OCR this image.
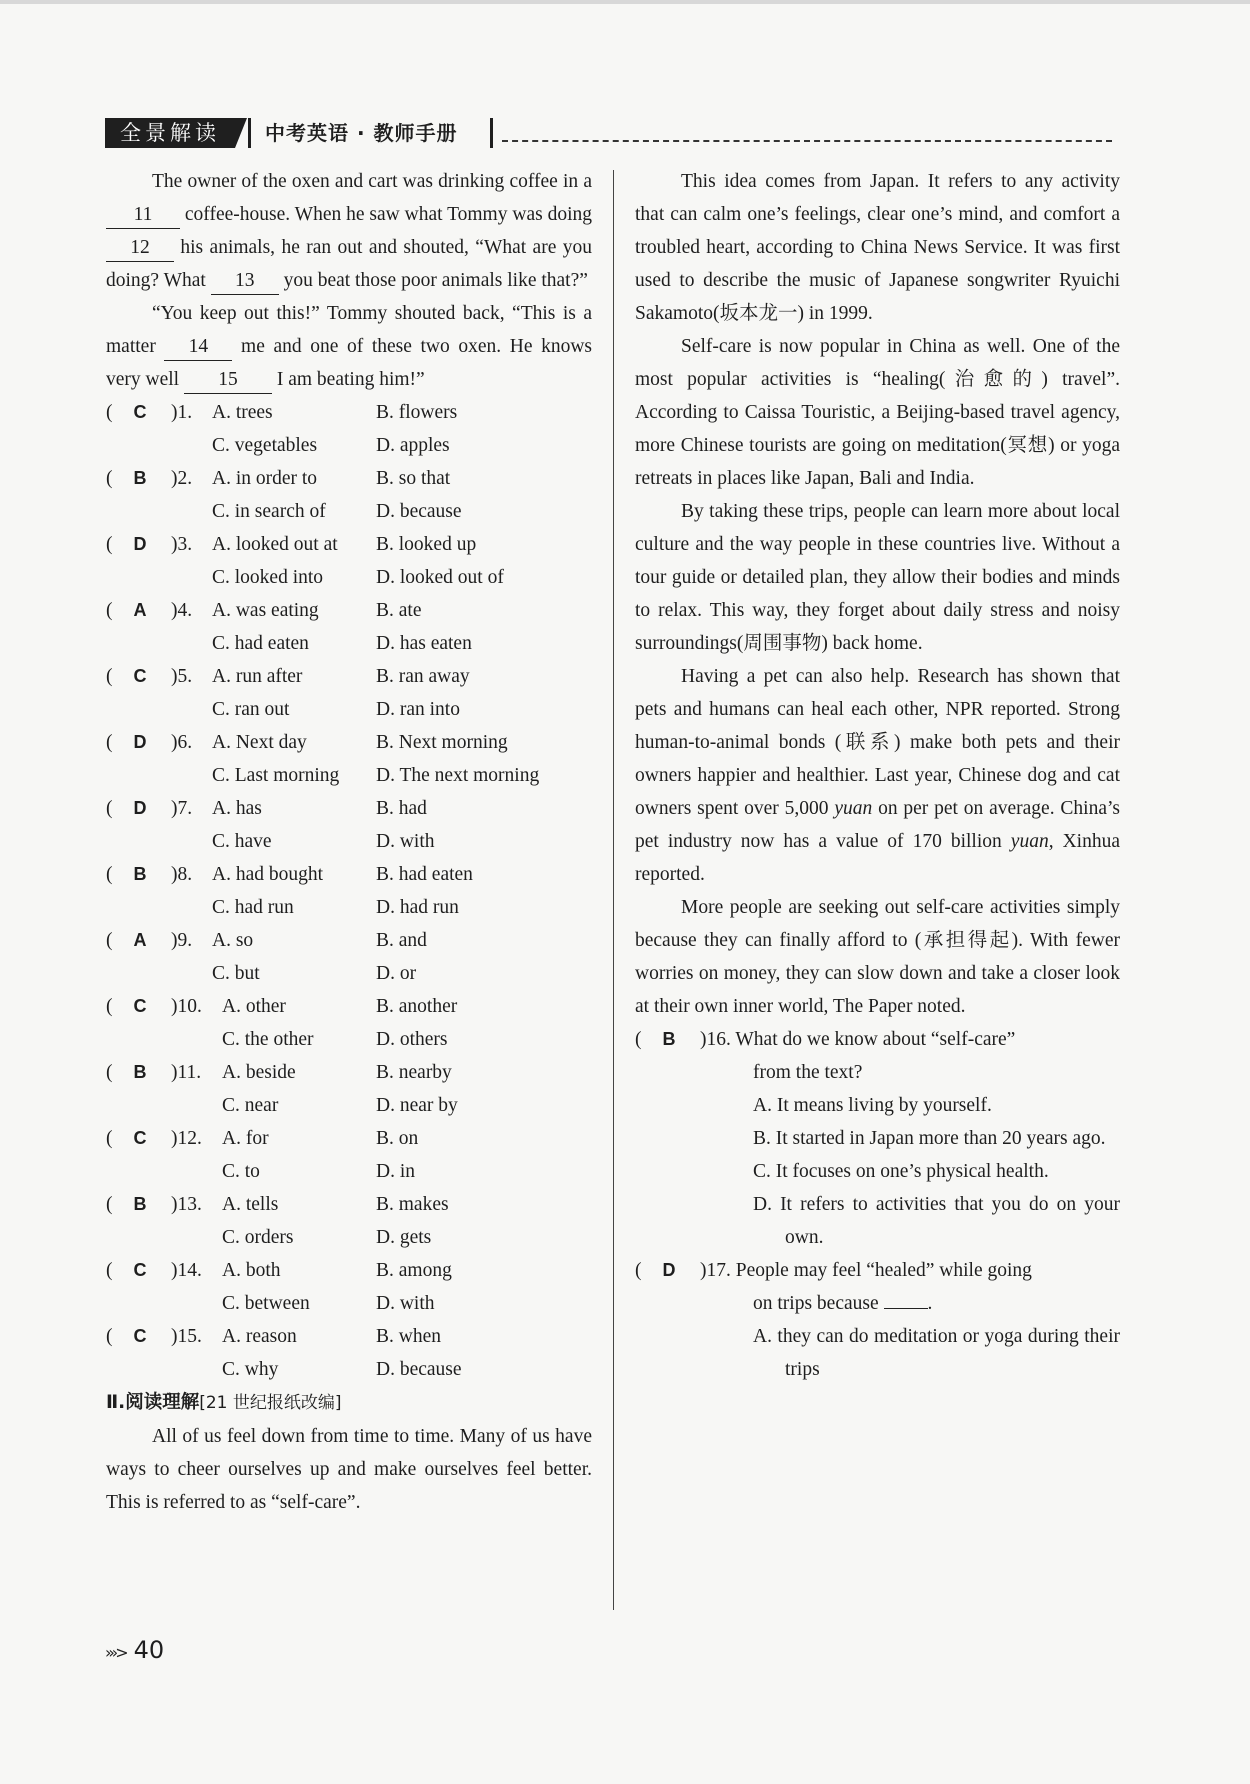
全景解读	中考英语 · 教师手册

The owner of the oxen and cart was drinking coffee in a 11 coffee-house. When he saw what Tommy was doing 12 his animals, he ran out and shouted, “What are you doing? What 13 you beat those poor animals like that?”

“You keep out this!” Tommy shouted back, “This is a matter 14 me and one of these two oxen. He knows very well 15 I am beating him!”

(	C	)1. A. trees	B. flowers
C. vegetables	D. apples
(	B	)2. A. in order to	B. so that
C. in search of	D. because
(	D	)3. A. looked out at B. looked up
C. looked into	D. looked out of
(	A	)4. A. was eating	B. ate
C. had eaten	D. has eaten
(	C	)5. A. run after	B. ran away
C. ran out	D. ran into
(	D	)6. A. Next day	B. Next morning
C. Last morning D. The next morning
(	D	)7. A. has	B. had
C. have	D. with
(	B	)8. A. had bought	B. had eaten
C. had run	D. had run
(	A	)9. A. so	B. and
C. but	D. or
(	C	)10. A. other	B. another
C. the other	D. others
(	B	)11. A. beside	B. nearby
C. near	D. near by
(	C	)12. A. for	B. on
C. to	D. in
(	B	)13. A. tells	B. makes
C. orders	D. gets
(	C	)14. A. both	B. among
C. between	D. with
(	C	)15. A. reason	B. when
C. why	D. because
Ⅱ.阅读理解[21 世纪报纸改编]

All of us feel down from time to time. Many of us have ways to cheer ourselves up and make ourselves feel better. This is referred to as “self-care”.

This idea comes from Japan. It refers to any activity that can calm one’s feelings, clear one’s mind, and comfort a troubled heart, according to China News Service. It was first used to describe the music of Japanese songwriter Ryuichi Sakamoto(坂本龙一) in 1999.

Self-care is now popular in China as well. One of the most popular activities is “healing(治愈的) travel”. According to Caissa Touristic, a Beijing-based travel agency, more Chinese tourists are going on meditation(冥想) or yoga retreats in places like Japan, Bali and India.

By taking these trips, people can learn more about local culture and the way people in these countries live. Without a tour guide or detailed plan, they allow their bodies and minds to relax. This way, they forget about daily stress and noisy surroundings(周围事物) back home.

Having a pet can also help. Research has shown that pets and humans can heal each other, NPR reported. Strong human-to-animal bonds (联系) make both pets and their owners happier and healthier. Last year, Chinese dog and cat owners spent over 5,000 yuan on per pet on average. China’s pet industry now has a value of 170 billion yuan, Xinhua reported.

More people are seeking out self-care activities simply because they can finally afford to (承担得起). With fewer worries on money, they can slow down and take a closer look at their own inner world, The Paper noted.

(	B	)16. What do we know about “self-care”
from the text?
A. It means living by yourself.
B. It started in Japan more than 20 years ago.
C. It focuses on one’s physical health.
D. It refers to activities that you do on your own.
(	D	)17. People may feel “healed” while going
on trips because	.
A. they can do meditation or yoga during their trips
›››> 40
